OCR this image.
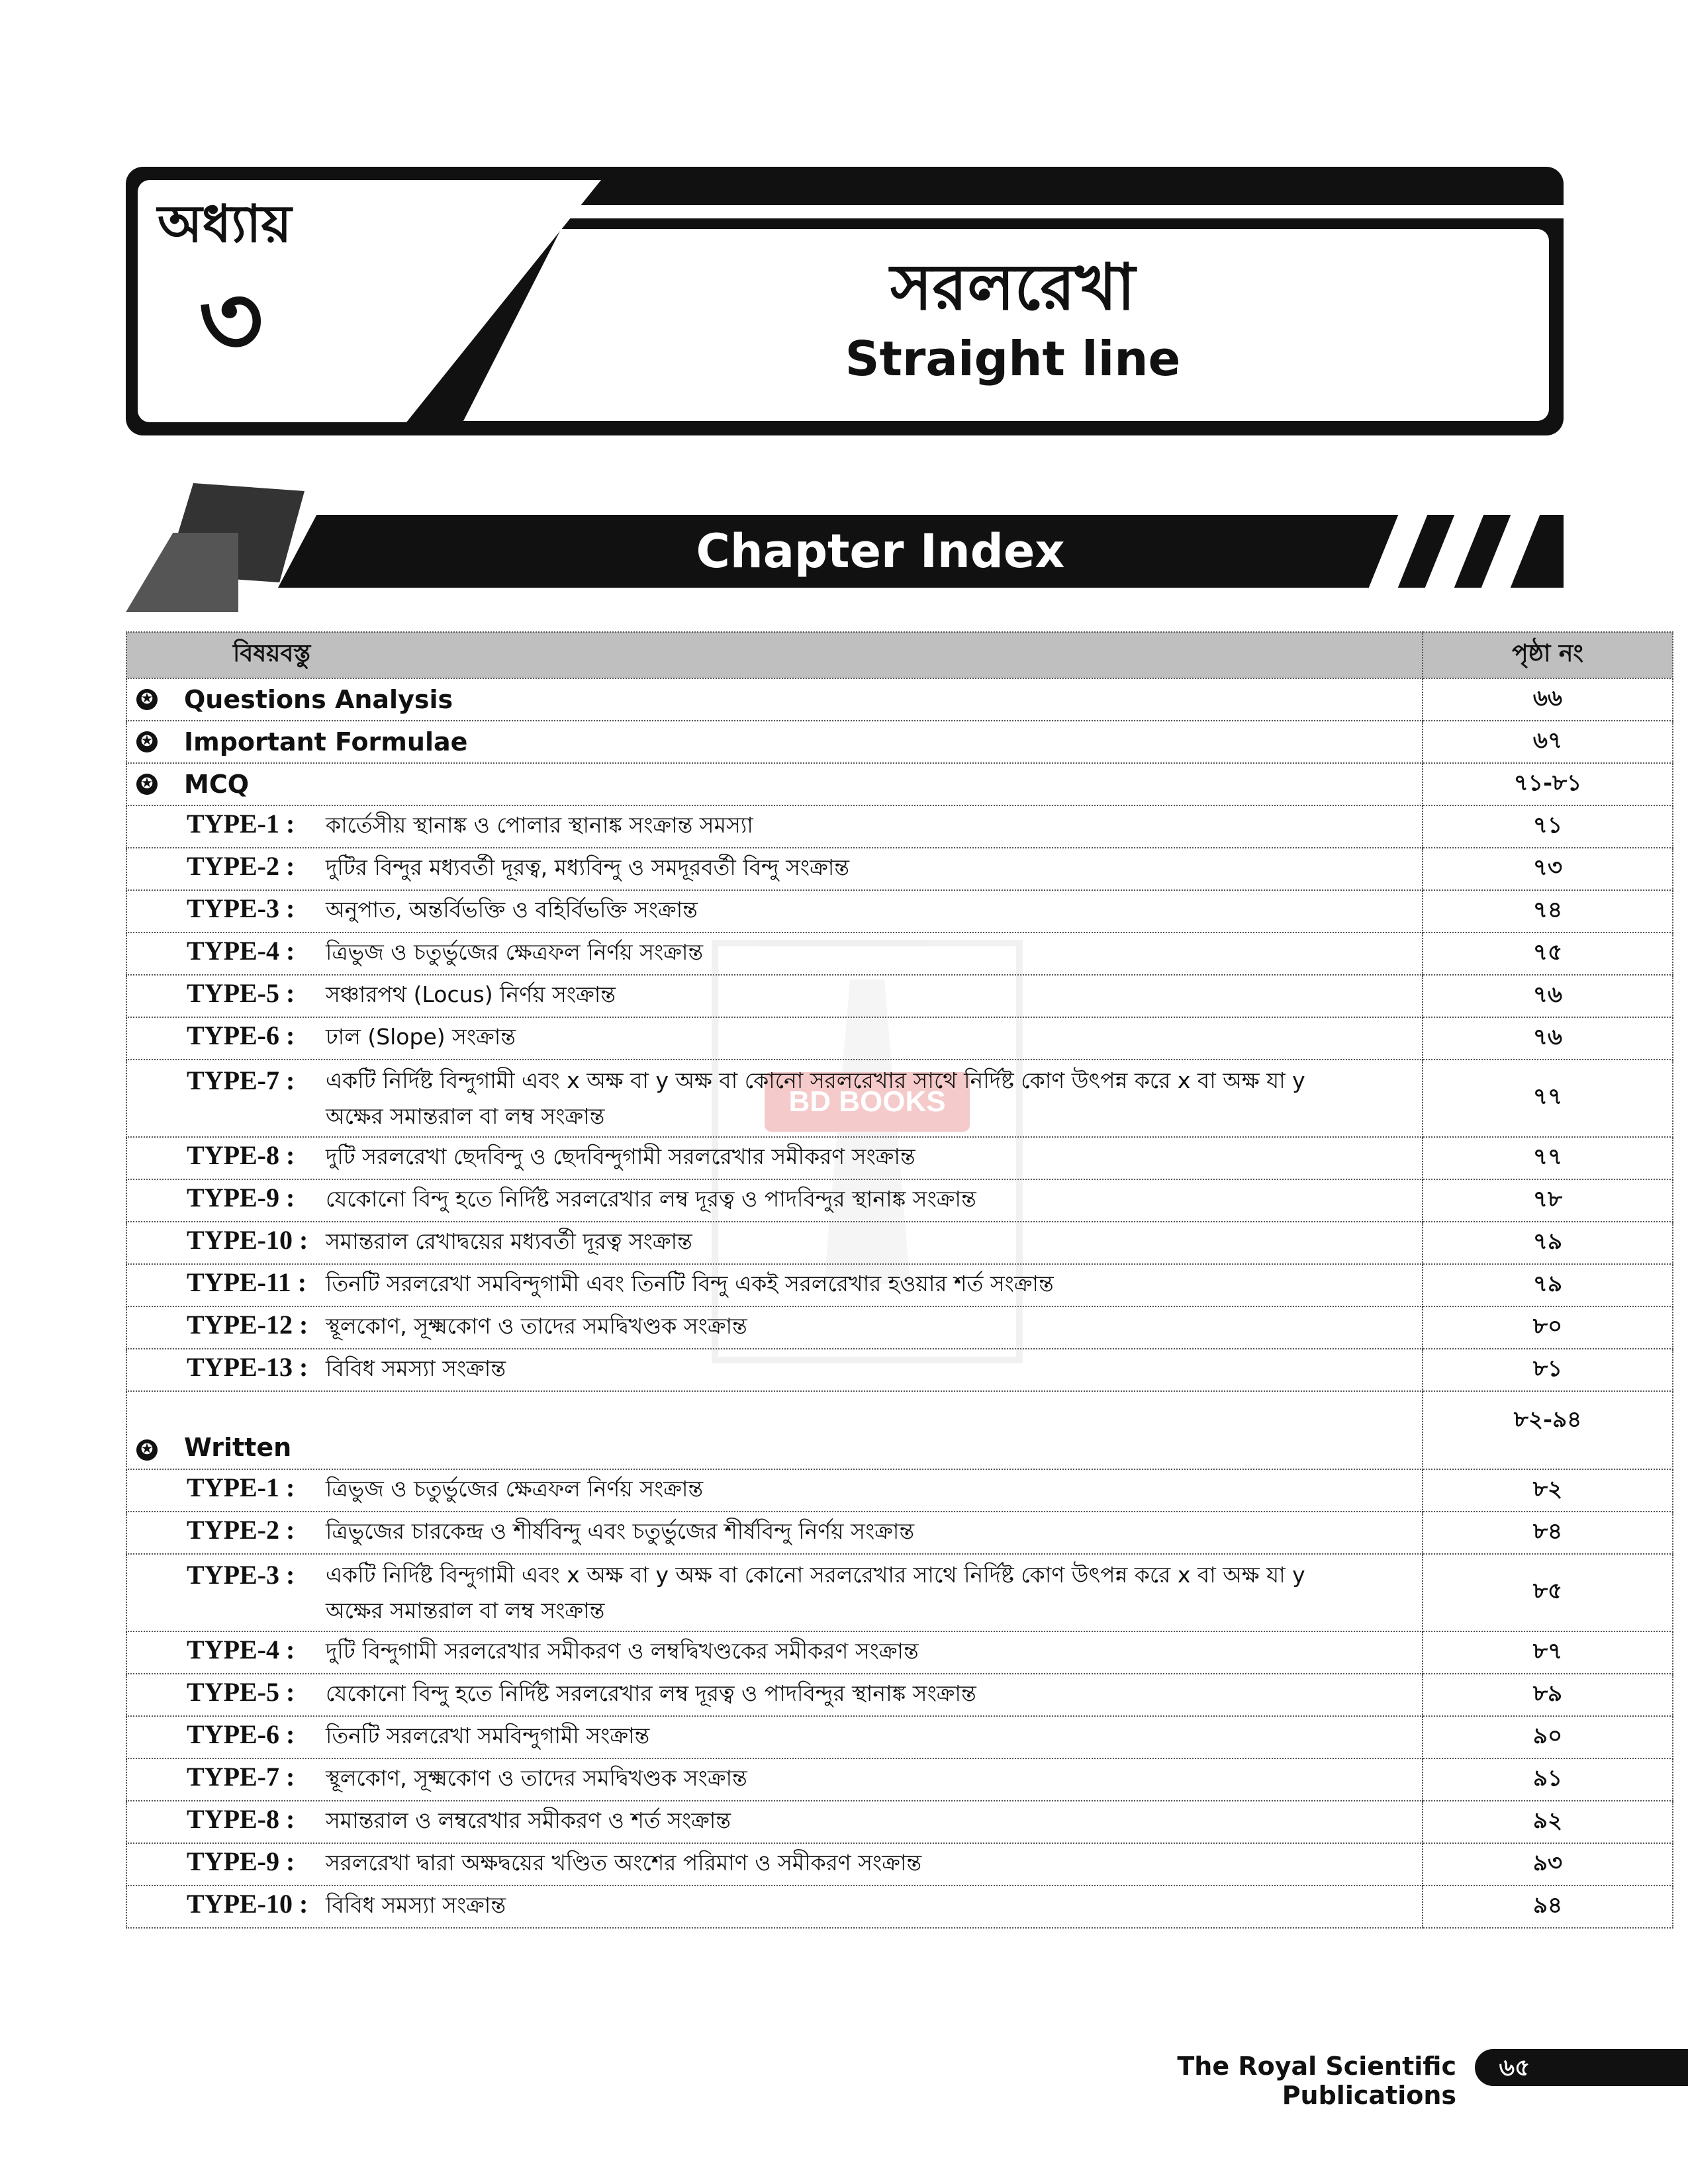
অধ্যায়
৩	সরলরেখা
Straight line
Chapter Index
BD BOOKS
বিষয়বস্তু	পৃষ্ঠা নং

✪ Questions Analysis	৬৬

✪ Important Formulae	৬৭

✪ MCQ	৭১-৮১
TYPE-1 : কার্তেসীয় স্থানাঙ্ক ও পোলার স্থানাঙ্ক সংক্রান্ত সমস্যা	৭১
TYPE-2 : দুটির বিন্দুর মধ্যবর্তী দূরত্ব, মধ্যবিন্দু ও সমদূরবর্তী বিন্দু সংক্রান্ত	৭৩
TYPE-3 : অনুপাত, অন্তর্বিভক্তি ও বহির্বিভক্তি সংক্রান্ত	৭৪
TYPE-4 : ত্রিভুজ ও চতুর্ভুজের ক্ষেত্রফল নির্ণয় সংক্রান্ত	৭৫
TYPE-5 : সঞ্চারপথ (Locus) নির্ণয় সংক্রান্ত	৭৬
TYPE-6 : ঢাল (Slope) সংক্রান্ত	৭৬
TYPE-7 : একটি নির্দিষ্ট বিন্দুগামী এবং x অক্ষ বা y অক্ষ বা কোনো সরলরেখার সাথে নির্দিষ্ট কোণ উৎপন্ন করে x বা অক্ষ যা y অক্ষের সমান্তরাল বা লম্ব সংক্রান্ত	৭৭
TYPE-8 : দুটি সরলরেখা ছেদবিন্দু ও ছেদবিন্দুগামী সরলরেখার সমীকরণ সংক্রান্ত	৭৭
TYPE-9 : যেকোনো বিন্দু হতে নির্দিষ্ট সরলরেখার লম্ব দূরত্ব ও পাদবিন্দুর স্থানাঙ্ক সংক্রান্ত	৭৮
TYPE-10 : সমান্তরাল রেখাদ্বয়ের মধ্যবর্তী দূরত্ব সংক্রান্ত	৭৯
TYPE-11 : তিনটি সরলরেখা সমবিন্দুগামী এবং তিনটি বিন্দু একই সরলরেখার হওয়ার শর্ত সংক্রান্ত	৭৯
TYPE-12 : স্থূলকোণ, সূক্ষ্মকোণ ও তাদের সমদ্বিখণ্ডক সংক্রান্ত	৮০
TYPE-13 : বিবিধ সমস্যা সংক্রান্ত	৮১

✪ Written	৮২-৯৪
TYPE-1 : ত্রিভুজ ও চতুর্ভুজের ক্ষেত্রফল নির্ণয় সংক্রান্ত	৮২
TYPE-2 : ত্রিভুজের চারকেন্দ্র ও শীর্ষবিন্দু এবং চতুর্ভুজের শীর্ষবিন্দু নির্ণয় সংক্রান্ত	৮৪
TYPE-3 : একটি নির্দিষ্ট বিন্দুগামী এবং x অক্ষ বা y অক্ষ বা কোনো সরলরেখার সাথে নির্দিষ্ট কোণ উৎপন্ন করে x বা অক্ষ যা y অক্ষের সমান্তরাল বা লম্ব সংক্রান্ত	৮৫
TYPE-4 : দুটি বিন্দুগামী সরলরেখার সমীকরণ ও লম্বদ্বিখণ্ডকের সমীকরণ সংক্রান্ত	৮৭
TYPE-5 : যেকোনো বিন্দু হতে নির্দিষ্ট সরলরেখার লম্ব দূরত্ব ও পাদবিন্দুর স্থানাঙ্ক সংক্রান্ত	৮৯
TYPE-6 : তিনটি সরলরেখা সমবিন্দুগামী সংক্রান্ত	৯০
TYPE-7 : স্থূলকোণ, সূক্ষ্মকোণ ও তাদের সমদ্বিখণ্ডক সংক্রান্ত	৯১
TYPE-8 : সমান্তরাল ও লম্বরেখার সমীকরণ ও শর্ত সংক্রান্ত	৯২
TYPE-9 : সরলরেখা দ্বারা অক্ষদ্বয়ের খণ্ডিত অংশের পরিমাণ ও সমীকরণ সংক্রান্ত	৯৩
TYPE-10 : বিবিধ সমস্যা সংক্রান্ত	৯৪
The Royal Scientific Publications
৬৫
